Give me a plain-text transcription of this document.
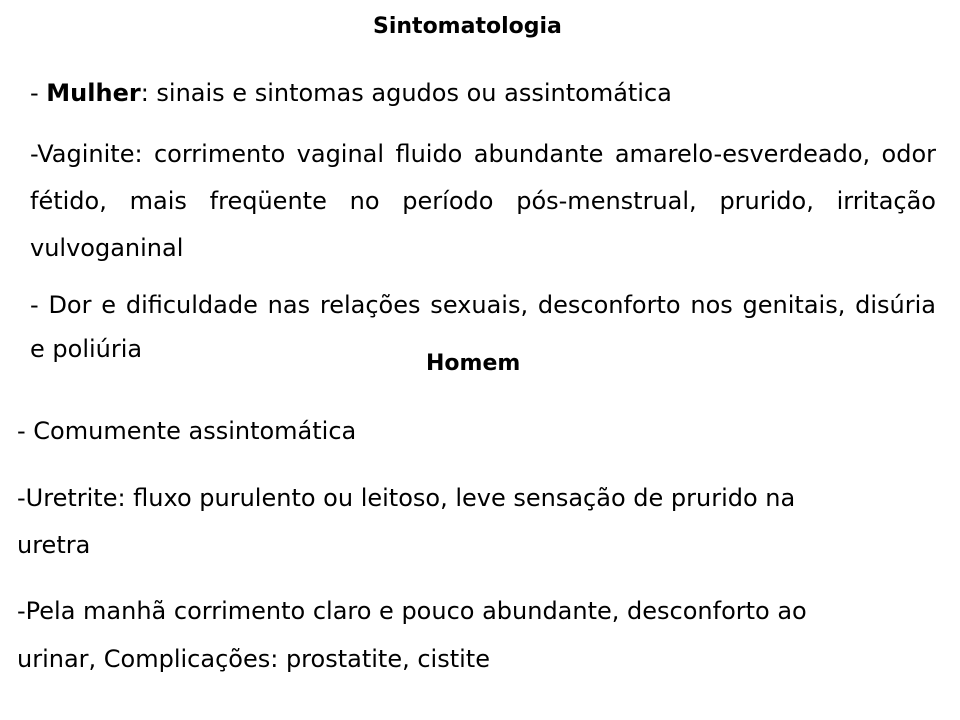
Sintomatologia
- Mulher: sinais e sintomas agudos ou assintomática
-Vaginite: corrimento vaginal fluido abundante amarelo-esverdeado, odor fétido, mais freqüente no período pós-menstrual, prurido, irritação vulvoganinal
- Dor e dificuldade nas relações sexuais, desconforto nos genitais, disúria e poliúria
Homem
- Comumente assintomática
-Uretrite: fluxo purulento ou leitoso, leve sensação de prurido na
uretra
-Pela manhã corrimento claro e pouco abundante, desconforto ao
urinar, Complicações: prostatite, cistite
